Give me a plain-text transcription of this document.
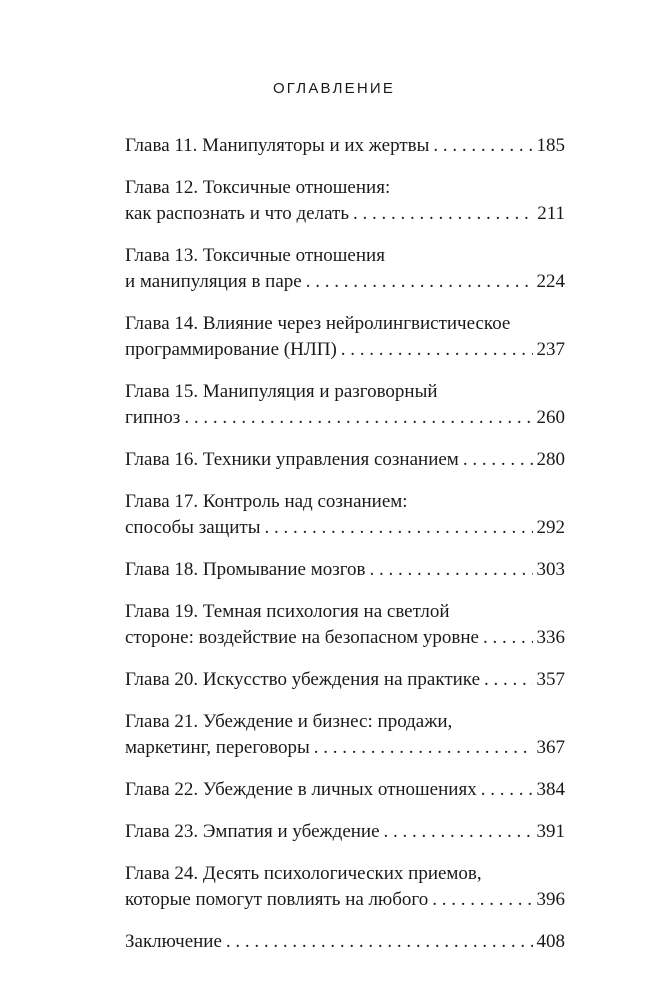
ОГЛАВЛЕНИЕ
Глава 11. Манипуляторы и их жертвы . . .	185
Глава 12. Токсичные отношения:
как распознать и что делать . . .	211
Глава 13. Токсичные отношения
и манипуляция в паре . . .	224
Глава 14. Влияние через нейролингвистическое
программирование (НЛП) . . .	237
Глава 15. Манипуляция и разговорный
гипноз . . .	260
Глава 16. Техники управления сознанием . . .	280
Глава 17. Контроль над сознанием:
способы защиты . . .	292
Глава 18. Промывание мозгов . . .	303
Глава 19. Темная психология на светлой
стороне: воздействие на безопасном уровне . . .	336
Глава 20. Искусство убеждения на практике . . .	357
Глава 21. Убеждение и бизнес: продажи,
маркетинг, переговоры . . .	367
Глава 22. Убеждение в личных отношениях . . .	384
Глава 23. Эмпатия и убеждение . . .	391
Глава 24. Десять психологических приемов,
которые помогут повлиять на любого . . .	396
Заключение . . .	408
